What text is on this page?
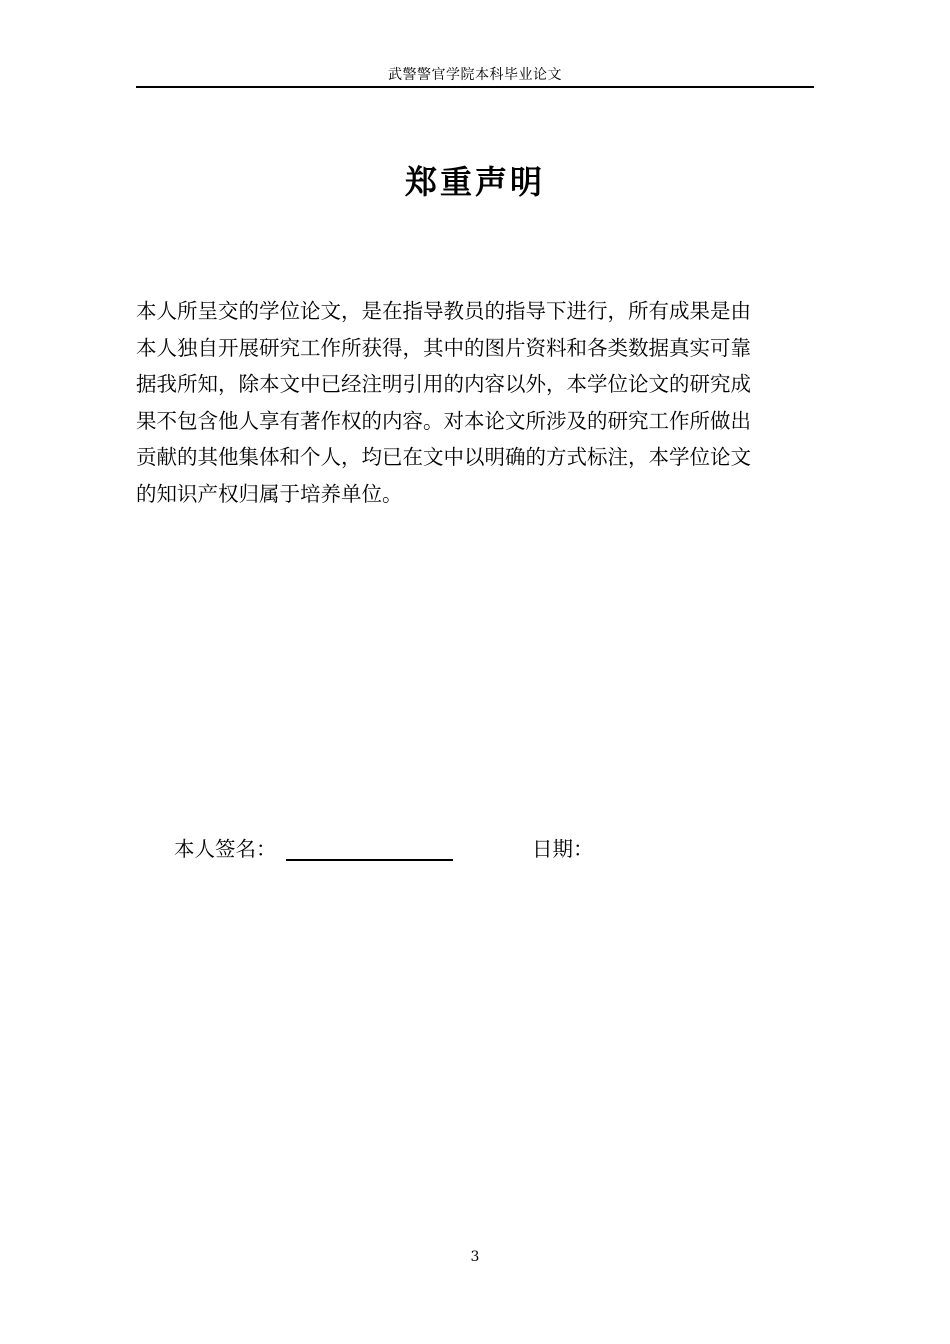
武警警官学院本科毕业论文
郑重声明
本人所呈交的学位论文，是在指导教员的指导下进行，所有成果是由
本人独自开展研究工作所获得，其中的图片资料和各类数据真实可靠
据我所知，除本文中已经注明引用的内容以外，本学位论文的研究成
果不包含他人享有著作权的内容。对本论文所涉及的研究工作所做出
贡献的其他集体和个人，均已在文中以明确的方式标注，本学位论文
的知识产权归属于培养单位。
本人签名：	日期：
3
